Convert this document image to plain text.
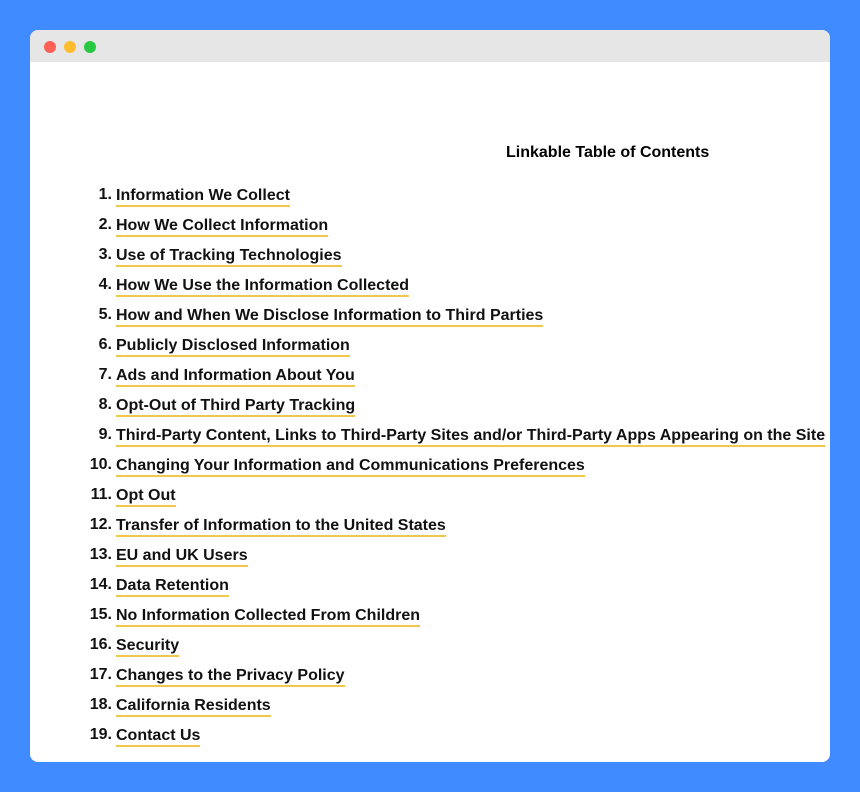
Linkable Table of Contents
1. Information We Collect
2. How We Collect Information
3. Use of Tracking Technologies
4. How We Use the Information Collected
5. How and When We Disclose Information to Third Parties
6. Publicly Disclosed Information
7. Ads and Information About You
8. Opt-Out of Third Party Tracking
9. Third-Party Content, Links to Third-Party Sites and/or Third-Party Apps Appearing on the Site
10. Changing Your Information and Communications Preferences
11. Opt Out
12. Transfer of Information to the United States
13. EU and UK Users
14. Data Retention
15. No Information Collected From Children
16. Security
17. Changes to the Privacy Policy
18. California Residents
19. Contact Us
